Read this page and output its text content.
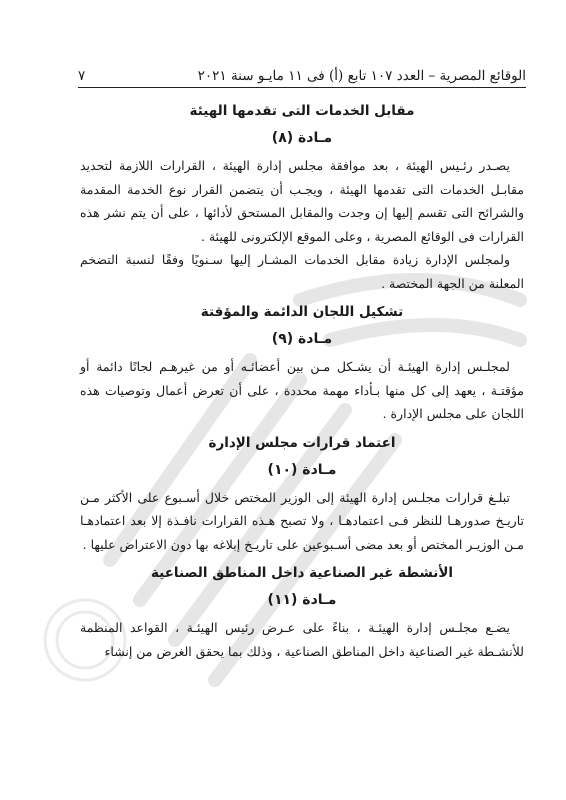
الوقائع المصرية – العدد ١٠٧ تابع (أ) فى ١١ مايـو سنة ٢٠٢١
٧
مقابل الخدمات التى تقدمها الهيئة
مـادة (٨)

يصـدر رئـيس الهيئة ، بعد موافقة مجلس إدارة الهيئة ، القرارات اللازمة لتحديد مقابـل الخدمات التى تقدمها الهيئة ، ويجـب أن يتضمن القرار نوع الخدمة المقدمة والشرائح التى تقسم إليها إن وجدت والمقابل المستحق لأدائها ، على أن يتم نشر هذه القرارات فى الوقائع المصرية ، وعلى الموقع الإلكترونى للهيئة .

ولمجلس الإدارة زيادة مقابل الخدمات المشـار إليها سـنويًا وفقًا لنسبة التضخم المعلنة من الجهة المختصة .

تشكيل اللجان الدائمة والمؤقتة
مـادة (٩)

لمجلـس إدارة الهيئـة أن يشـكل مـن بين أعضائـه أو من غيرهـم لجانًا دائمة أو مؤقتـة ، يعهد إلى كل منها بـأداء مهمة محددة ، على أن تعرض أعمال وتوصيات هذه اللجان على مجلس الإدارة .

اعتماد قرارات مجلس الإدارة
مـادة (١٠)

تبلـغ قرارات مجلـس إدارة الهيئة إلى الوزير المختص خلال أسـبوع على الأكثر مـن تاريـخ صدورهـا للنظر فـى اعتمادهـا ، ولا تصبح هـذه القرارات نافـذة إلا بعد اعتمادهـا مـن الوزيـر المختص أو بعد مضى أسـبوعين على تاريـخ إبلاغه بها دون الاعتراض عليها .

الأنشطة غير الصناعية داخل المناطق الصناعية
مـادة (١١)

يضـع مجلـس إدارة الهيئـة ، بناءً على عـرض رئيس الهيئـة ، القواعد المنظمة للأنشـطة غير الصناعية داخل المناطق الصناعية ، وذلك بما يحقق الغرض من إنشاء
